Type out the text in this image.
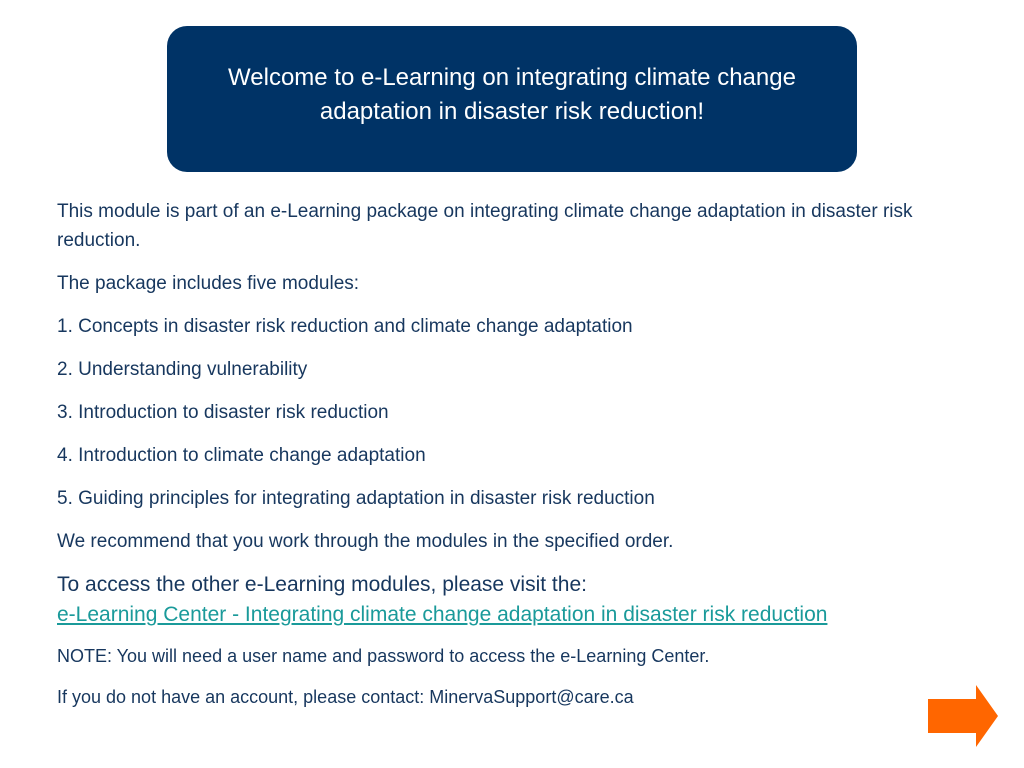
Welcome to e-Learning on integrating climate change adaptation in disaster risk reduction!

This module is part of an e-Learning package on integrating climate change adaptation in disaster risk reduction.

The package includes five modules:

1. Concepts in disaster risk reduction and climate change adaptation

2. Understanding vulnerability

3. Introduction to disaster risk reduction

4. Introduction to climate change adaptation

5. Guiding principles for integrating adaptation in disaster risk reduction

We recommend that you work through the modules in the specified order.

To access the other e-Learning modules, please visit the:

e-Learning Center - Integrating climate change adaptation in disaster risk reduction

NOTE: You will need a user name and password to access the e-Learning Center.

If you do not have an account, please contact: MinervaSupport@care.ca
